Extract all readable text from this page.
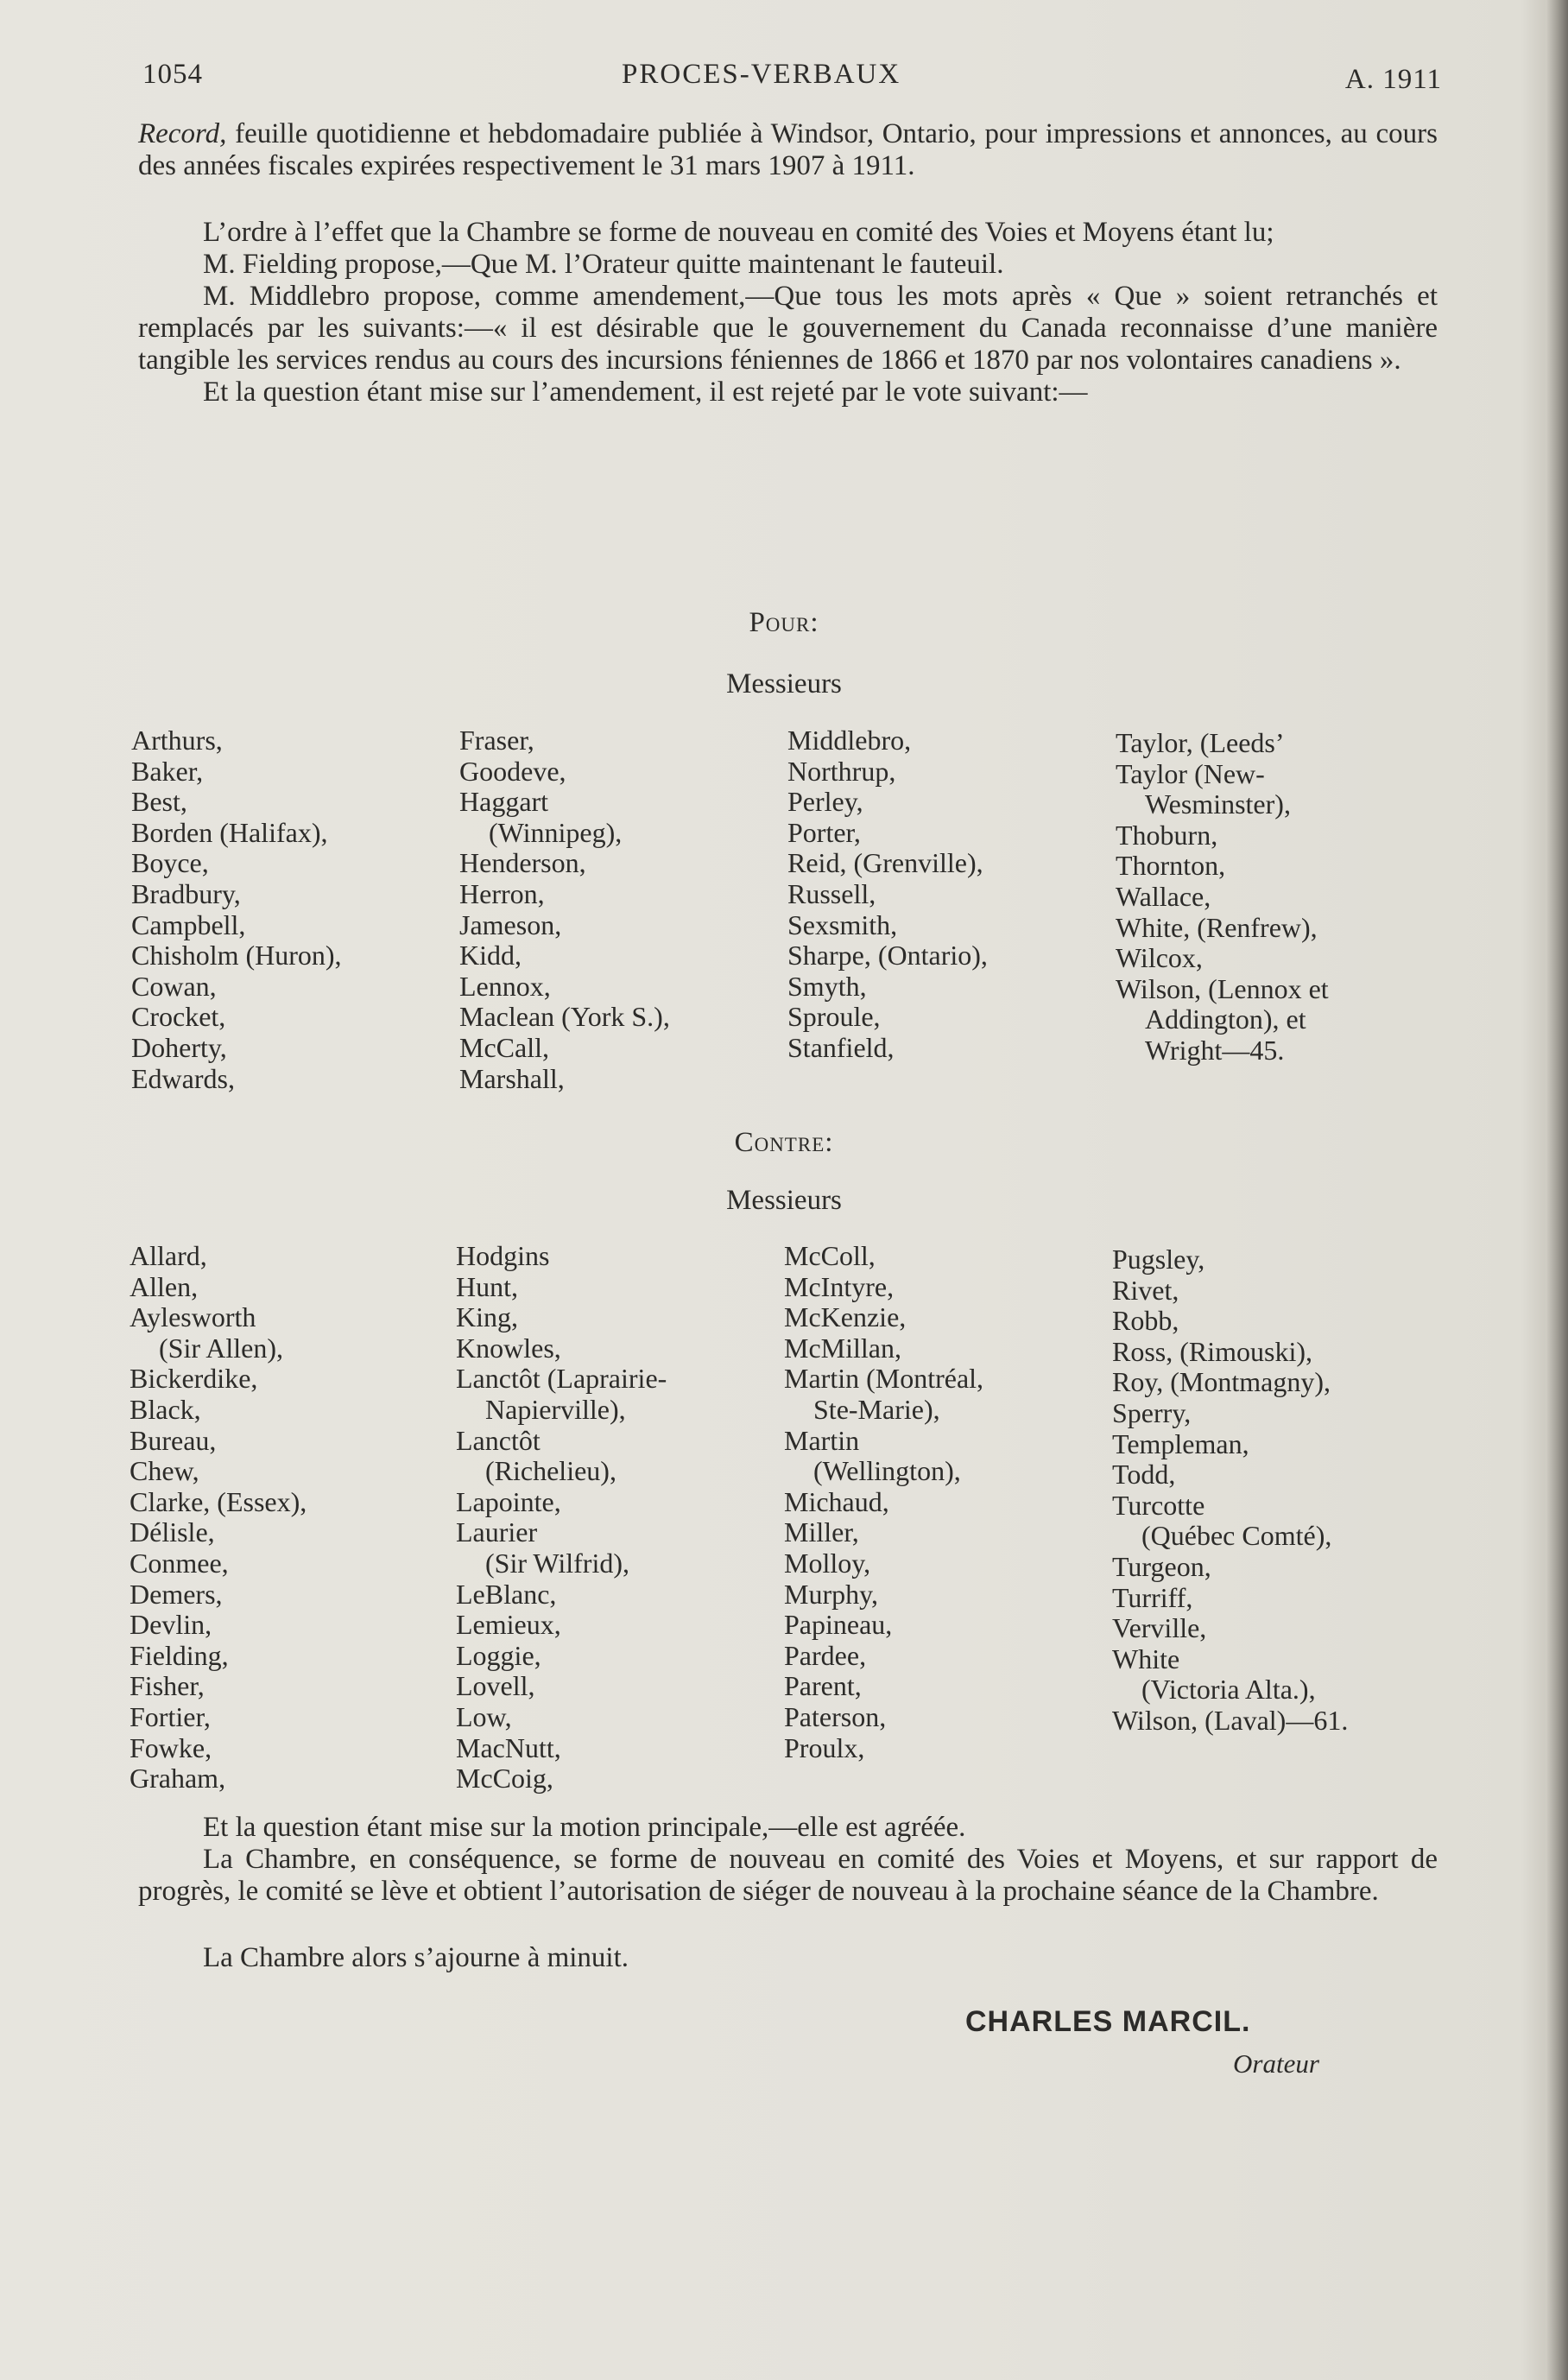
1054	PROCES-VERBAUX	A. 1911

Record, feuille quotidienne et hebdomadaire publiée à Windsor, Ontario, pour impressions et annonces, au cours des années fiscales expirées respectivement le 31 mars 1907 à 1911.

L’ordre à l’effet que la Chambre se forme de nouveau en comité des Voies et Moyens étant lu;

M. Fielding propose,—Que M. l’Orateur quitte maintenant le fauteuil.

M. Middlebro propose, comme amendement,—Que tous les mots après « Que » soient retranchés et remplacés par les suivants:—« il est désirable que le gouvernement du Canada reconnaisse d’une manière tangible les services rendus au cours des incursions féniennes de 1866 et 1870 par nos volontaires canadiens ».

Et la question étant mise sur l’amendement, il est rejeté par le vote suivant:—

Pour:
Messieurs
Arthurs,
Baker,
Best,
Borden (Halifax),
Boyce,
Bradbury,
Campbell,
Chisholm (Huron),
Cowan,
Crocket,
Doherty,
Edwards,
Fraser,
Goodeve,
Haggart
(Winnipeg),
Henderson,
Herron,
Jameson,
Kidd,
Lennox,
Maclean (York S.),
McCall,
Marshall,
Middlebro,
Northrup,
Perley,
Porter,
Reid, (Grenville),
Russell,
Sexsmith,
Sharpe, (Ontario),
Smyth,
Sproule,
Stanfield,
Taylor, (Leeds’
Taylor (New-
Wesminster),
Thoburn,
Thornton,
Wallace,
White, (Renfrew),
Wilcox,
Wilson, (Lennox et
Addington), et
Wright—45.
Contre:
Messieurs
Allard,
Allen,
Aylesworth
(Sir Allen),
Bickerdike,
Black,
Bureau,
Chew,
Clarke, (Essex),
Délisle,
Conmee,
Demers,
Devlin,
Fielding,
Fisher,
Fortier,
Fowke,
Graham,
Hodgins
Hunt,
King,
Knowles,
Lanctôt (Laprairie-
Napierville),
Lanctôt
(Richelieu),
Lapointe,
Laurier
(Sir Wilfrid),
LeBlanc,
Lemieux,
Loggie,
Lovell,
Low,
MacNutt,
McCoig,
McColl,
McIntyre,
McKenzie,
McMillan,
Martin (Montréal,
Ste-Marie),
Martin
(Wellington),
Michaud,
Miller,
Molloy,
Murphy,
Papineau,
Pardee,
Parent,
Paterson,
Proulx,
Pugsley,
Rivet,
Robb,
Ross, (Rimouski),
Roy, (Montmagny),
Sperry,
Templeman,
Todd,
Turcotte
(Québec Comté),
Turgeon,
Turriff,
Verville,
White
(Victoria Alta.),
Wilson, (Laval)—61.

Et la question étant mise sur la motion principale,—elle est agréée.

La Chambre, en conséquence, se forme de nouveau en comité des Voies et Moyens, et sur rapport de progrès, le comité se lève et obtient l’autorisation de siéger de nouveau à la prochaine séance de la Chambre.

La Chambre alors s’ajourne à minuit.

CHARLES MARCIL.
Orateur
